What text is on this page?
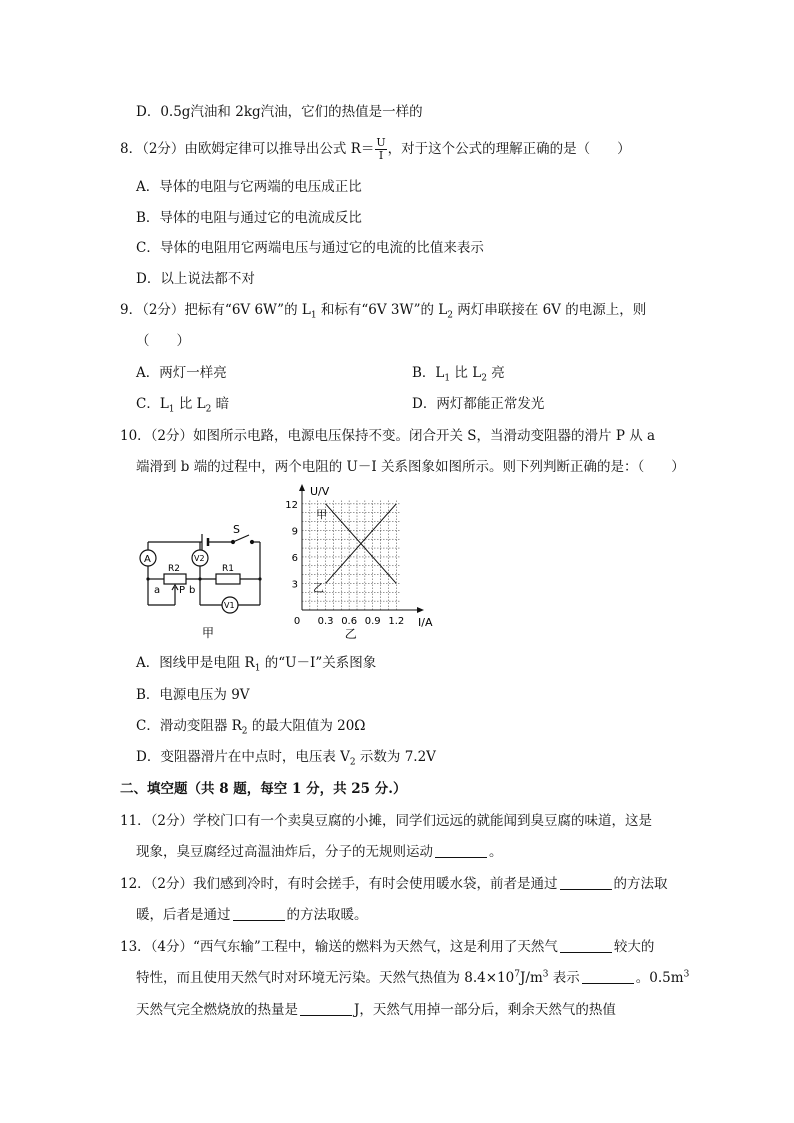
D．0.5g汽油和 2kg汽油，它们的热值是一样的
8．（2分）由欧姆定律可以推导出公式 $R= \frac{U}{I}$ ，对于这个公式的理解正确的是（　　）
A．导体的电阻与它两端的电压成正比
B．导体的电阻与通过它的电流成反比
C．导体的电阻用它两端电压与通过它的电流的比值来表示
D．以上说法都不对
9．（2分）把标有“6V 6W”的 $L_1$ 和标有“6V 3W”的 $L_2$ 两灯串联接在 6V 的电源上，则
（　　）
A．两灯一样亮	B．$L_1$ 比 $L_2$ 亮
C．$L_1$ 比 $L_2$ 暗	D．两灯都能正常发光
10．（2分）如图所示电路，电源电压保持不变。闭合开关 S，当滑动变阻器的滑片 P 从 a
端滑到 b 端的过程中，两个电阻的 U－I 关系图象如图所示。则下列判断正确的是：（　　）
S
A	V2
V1
R2	R1
a P b
甲
0 0.3 0.6 0.9 1.2
3
6
9
12
I/A
U/V
甲
乙
乙
A．图线甲是电阻 $R_1$ 的“U－I”关系图象
B．电源电压为 9V
C．滑动变阻器 $R_2$ 的最大阻值为 20Ω
D．变阻器滑片在中点时，电压表 $V_2$ 示数为 7.2V
二、填空题（共 8 题，每空 1 分，共 25 分.）
11．（2分）学校门口有一个卖臭豆腐的小摊，同学们远远的就能闻到臭豆腐的味道，这是
现象，臭豆腐经过高温油炸后，分子的无规则运动	。
12．（2分）我们感到冷时，有时会搓手，有时会使用暖水袋，前者是通过	的方法取
暖，后者是通过	的方法取暖。
13．（4分）“西气东输”工程中，输送的燃料为天然气，这是利用了天然气	较大的
特性，而且使用天然气时对环境无污染。天然气热值为 $8.4\times 10^7J/m^3$ 表示	。$0.5m^3$
天然气完全燃烧放的热量是	J，天然气用掉一部分后，剩余天然气的热值
